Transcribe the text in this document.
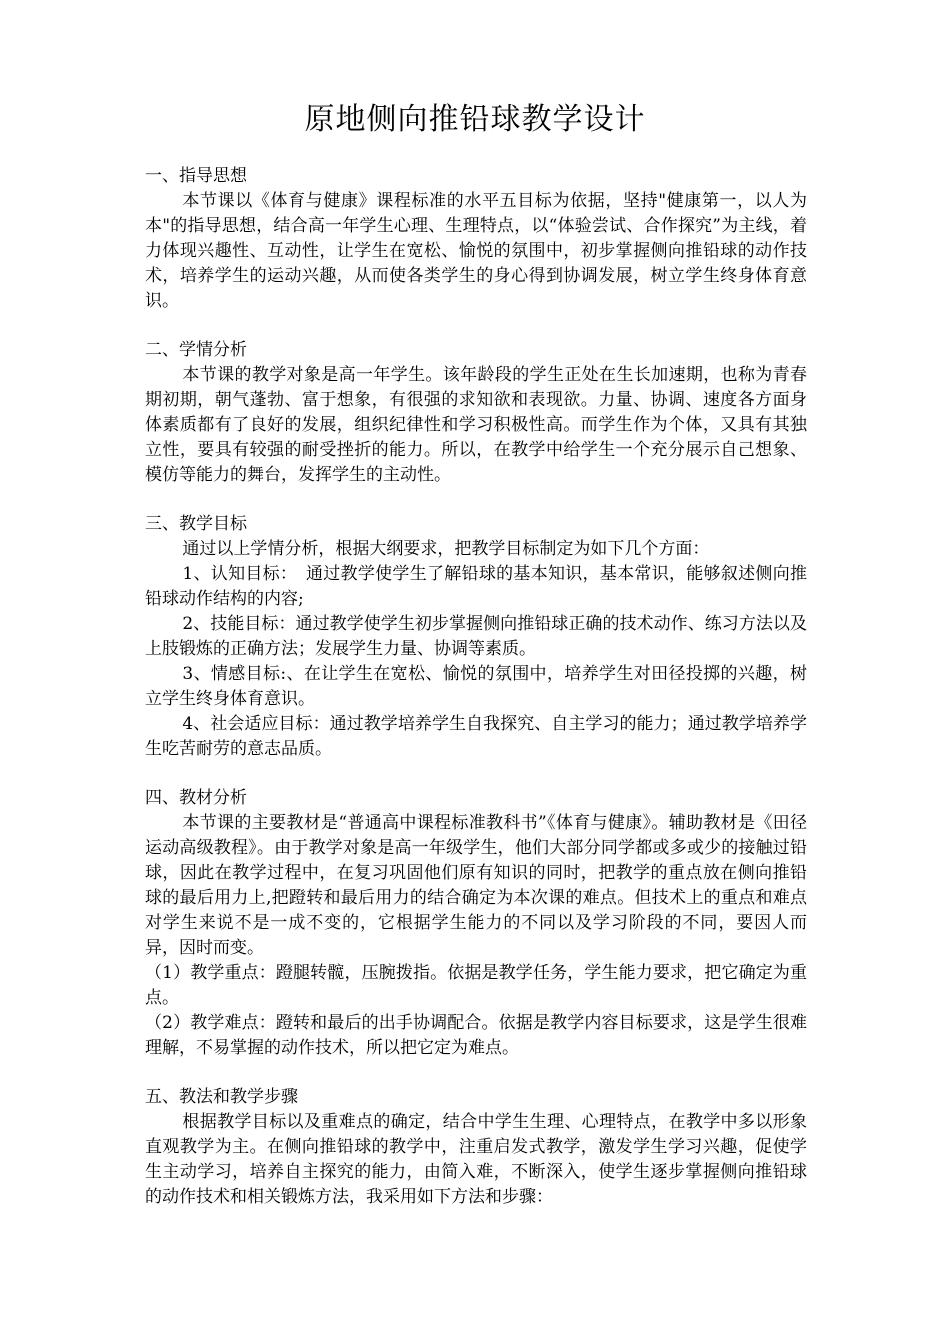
原地侧向推铅球教学设计

一、指导思想

本节课以《体育与健康》课程标准的水平五目标为依据，坚持"健康第一，以人为本"的指导思想，结合高一年学生心理、生理特点，以“体验尝试、合作探究”为主线，着力体现兴趣性、互动性，让学生在宽松、愉悦的氛围中，初步掌握侧向推铅球的动作技术，培养学生的运动兴趣，从而使各类学生的身心得到协调发展，树立学生终身体育意识。

二、学情分析

本节课的教学对象是高一年学生。该年龄段的学生正处在生长加速期，也称为青春期初期，朝气蓬勃、富于想象，有很强的求知欲和表现欲。力量、协调、速度各方面身体素质都有了良好的发展，组织纪律性和学习积极性高。而学生作为个体，又具有其独立性，要具有较强的耐受挫折的能力。所以，在教学中给学生一个充分展示自己想象、模仿等能力的舞台，发挥学生的主动性。

三、教学目标

通过以上学情分析，根据大纲要求，把教学目标制定为如下几个方面：

1、认知目标：　通过教学使学生了解铅球的基本知识，基本常识，能够叙述侧向推铅球动作结构的内容;

2、技能目标：通过教学使学生初步掌握侧向推铅球正确的技术动作、练习方法以及上肢锻炼的正确方法；发展学生力量、协调等素质。

3、情感目标:、在让学生在宽松、愉悦的氛围中，培养学生对田径投掷的兴趣，树立学生终身体育意识。

4、社会适应目标：通过教学培养学生自我探究、自主学习的能力；通过教学培养学生吃苦耐劳的意志品质。

四、教材分析

本节课的主要教材是“普通高中课程标准教科书”《体育与健康》。辅助教材是《田径运动高级教程》。由于教学对象是高一年级学生，他们大部分同学都或多或少的接触过铅球，因此在教学过程中，在复习巩固他们原有知识的同时，把教学的重点放在侧向推铅球的最后用力上,把蹬转和最后用力的结合确定为本次课的难点。但技术上的重点和难点对学生来说不是一成不变的，它根据学生能力的不同以及学习阶段的不同，要因人而异，因时而变。

（1）教学重点：蹬腿转髋，压腕拨指。依据是教学任务，学生能力要求，把它确定为重点。

（2）教学难点：蹬转和最后的出手协调配合。依据是教学内容目标要求，这是学生很难理解，不易掌握的动作技术，所以把它定为难点。

五、教法和教学步骤

根据教学目标以及重难点的确定，结合中学生生理、心理特点，在教学中多以形象直观教学为主。在侧向推铅球的教学中，注重启发式教学，激发学生学习兴趣，促使学生主动学习，培养自主探究的能力，由简入难，不断深入，使学生逐步掌握侧向推铅球的动作技术和相关锻炼方法，我采用如下方法和步骤：
